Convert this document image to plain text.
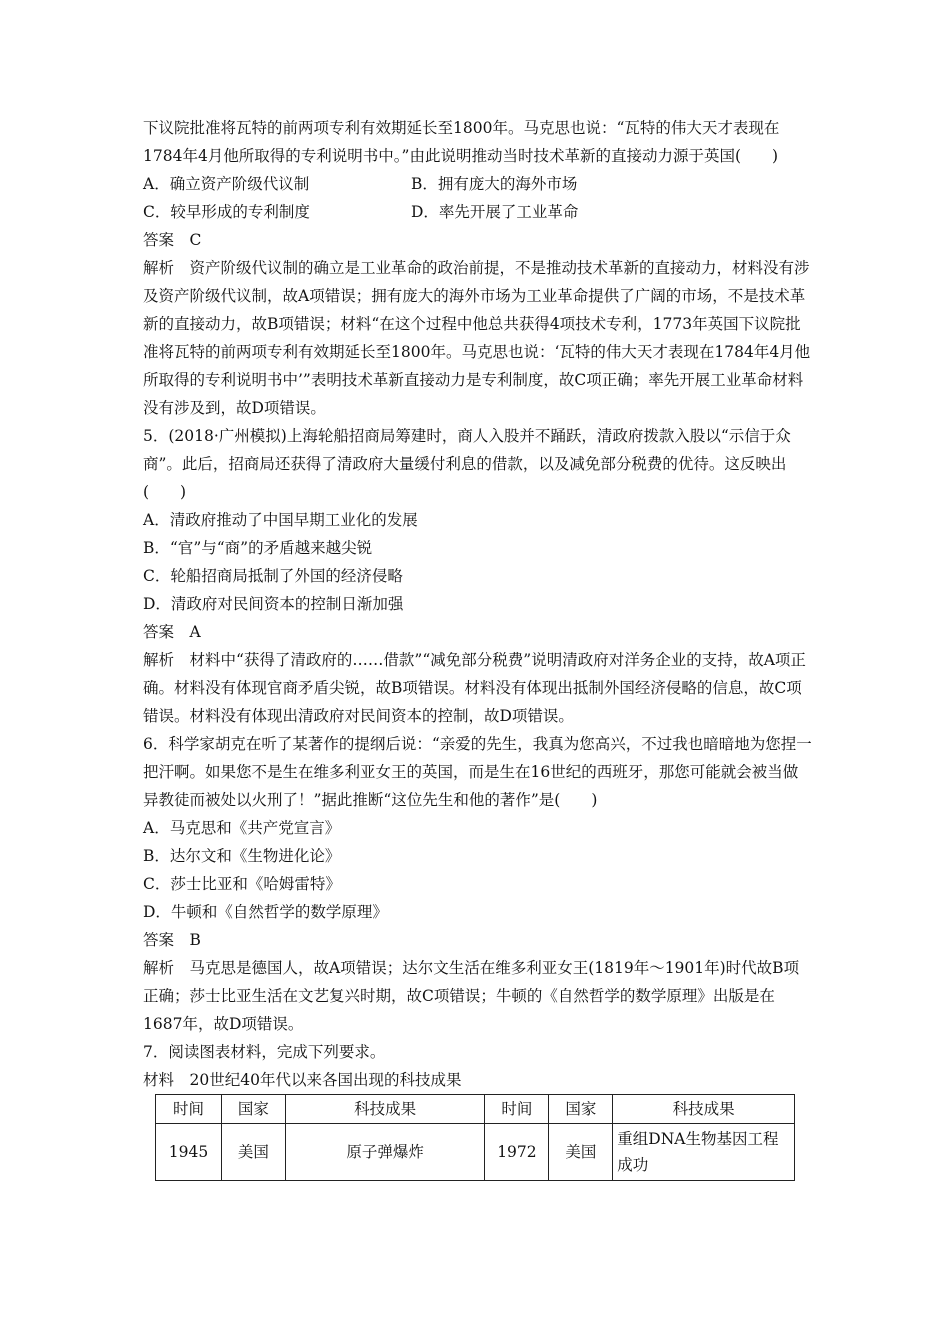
下议院批准将瓦特的前两项专利有效期延长至1800年。马克思也说：“瓦特的伟大天才表现在1784年4月他所取得的专利说明书中。”由此说明推动当时技术革新的直接动力源于英国(　　)

A．确立资产阶级代议制	B．拥有庞大的海外市场
C．较早形成的专利制度	D．率先开展了工业革命

答案　C

解析　资产阶级代议制的确立是工业革命的政治前提，不是推动技术革新的直接动力，材料没有涉及资产阶级代议制，故A项错误；拥有庞大的海外市场为工业革命提供了广阔的市场，不是技术革新的直接动力，故B项错误；材料“在这个过程中他总共获得4项技术专利，1773年英国下议院批准将瓦特的前两项专利有效期延长至1800年。马克思也说：‘瓦特的伟大天才表现在1784年4月他所取得的专利说明书中’”表明技术革新直接动力是专利制度，故C项正确；率先开展工业革命材料没有涉及到，故D项错误。

5．(2018·广州模拟)上海轮船招商局筹建时，商人入股并不踊跃，清政府拨款入股以“示信于众商”。此后，招商局还获得了清政府大量缓付利息的借款，以及减免部分税费的优待。这反映出(　　)

A．清政府推动了中国早期工业化的发展

B．“官”与“商”的矛盾越来越尖锐

C．轮船招商局抵制了外国的经济侵略

D．清政府对民间资本的控制日渐加强

答案　A

解析　材料中“获得了清政府的……借款”“减免部分税费”说明清政府对洋务企业的支持，故A项正确。材料没有体现官商矛盾尖锐，故B项错误。材料没有体现出抵制外国经济侵略的信息，故C项错误。材料没有体现出清政府对民间资本的控制，故D项错误。

6．科学家胡克在听了某著作的提纲后说：“亲爱的先生，我真为您高兴，不过我也暗暗地为您捏一把汗啊。如果您不是生在维多利亚女王的英国，而是生在16世纪的西班牙，那您可能就会被当做异教徒而被处以火刑了！”据此推断“这位先生和他的著作”是(　　)

A．马克思和《共产党宣言》

B．达尔文和《生物进化论》

C．莎士比亚和《哈姆雷特》

D．牛顿和《自然哲学的数学原理》

答案　B

解析　马克思是德国人，故A项错误；达尔文生活在维多利亚女王(1819年～1901年)时代故B项正确；莎士比亚生活在文艺复兴时期，故C项错误；牛顿的《自然哲学的数学原理》出版是在1687年，故D项错误。

7．阅读图表材料，完成下列要求。

材料　20世纪40年代以来各国出现的科技成果

时间	国家	科技成果	时间	国家	科技成果
1945	美国	原子弹爆炸	1972	美国	重组DNA生物基因工程成功
